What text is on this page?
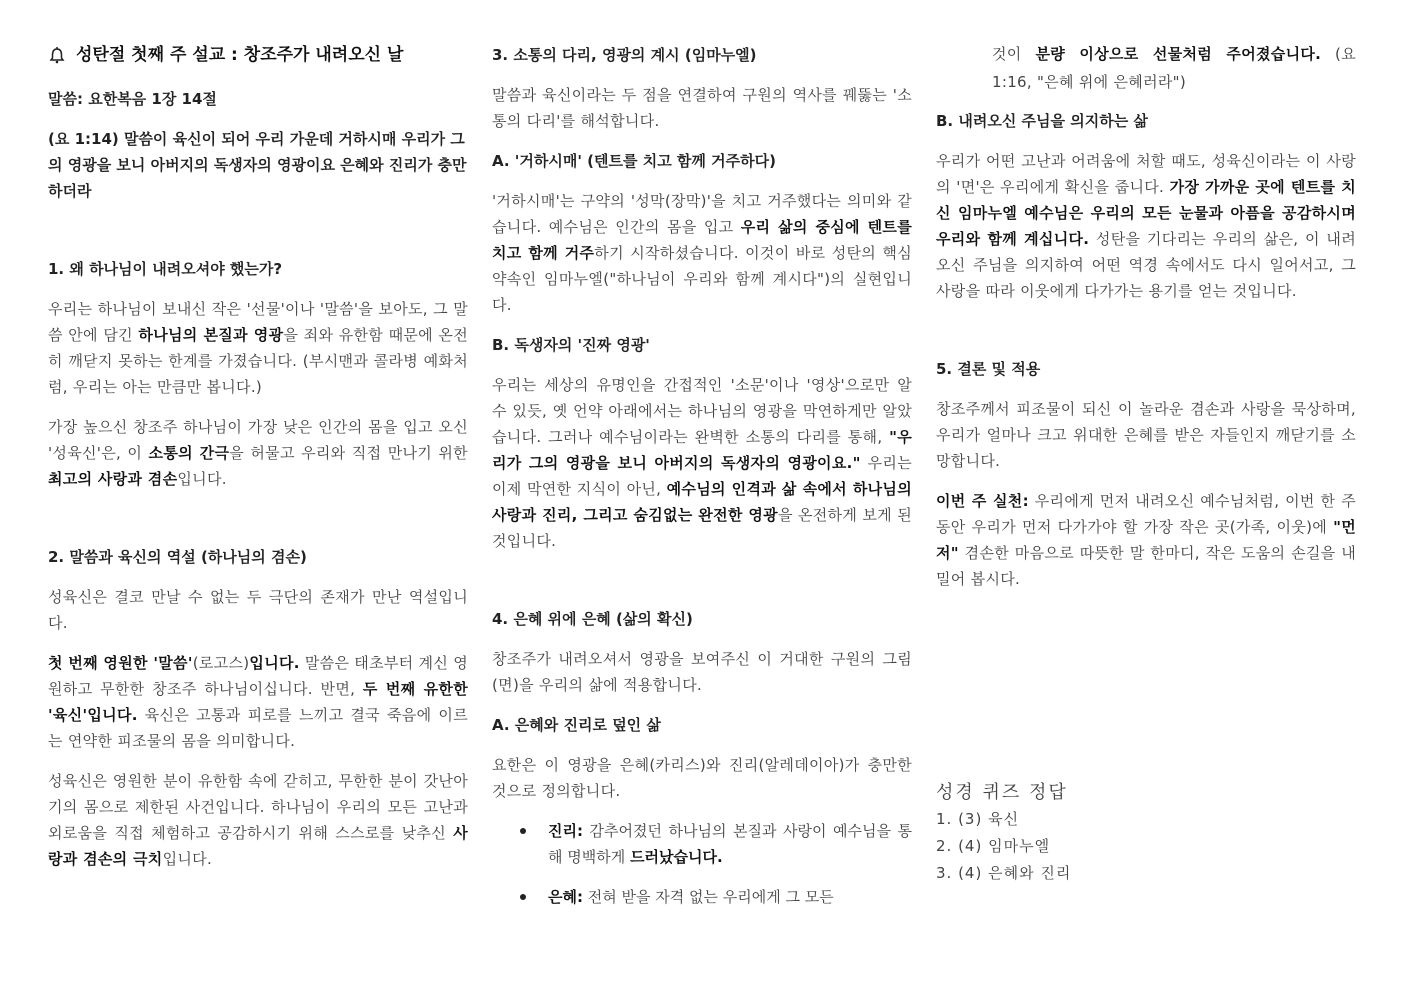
성탄절 첫째 주 설교 : 창조주가 내려오신 날

말씀: 요한복음 1장 14절

(요 1:14) 말씀이 육신이 되어 우리 가운데 거하시매 우리가 그의 영광을 보니 아버지의 독생자의 영광이요 은혜와 진리가 충만하더라

1. 왜 하나님이 내려오셔야 했는가?

우리는 하나님이 보내신 작은 '선물'이나 '말씀'을 보아도, 그 말씀 안에 담긴 하나님의 본질과 영광을 죄와 유한함 때문에 온전히 깨닫지 못하는 한계를 가졌습니다. (부시맨과 콜라병 예화처럼, 우리는 아는 만큼만 봅니다.)

가장 높으신 창조주 하나님이 가장 낮은 인간의 몸을 입고 오신 '성육신'은, 이 소통의 간극을 허물고 우리와 직접 만나기 위한 최고의 사랑과 겸손입니다.

2. 말씀과 육신의 역설 (하나님의 겸손)

성육신은 결코 만날 수 없는 두 극단의 존재가 만난 역설입니다.

첫 번째 영원한 '말씀'(로고스)입니다. 말씀은 태초부터 계신 영원하고 무한한 창조주 하나님이십니다. 반면, 두 번째 유한한 '육신'입니다. 육신은 고통과 피로를 느끼고 결국 죽음에 이르는 연약한 피조물의 몸을 의미합니다.

성육신은 영원한 분이 유한함 속에 갇히고, 무한한 분이 갓난아기의 몸으로 제한된 사건입니다. 하나님이 우리의 모든 고난과 외로움을 직접 체험하고 공감하시기 위해 스스로를 낮추신 사랑과 겸손의 극치입니다.

3. 소통의 다리, 영광의 계시 (임마누엘)

말씀과 육신이라는 두 점을 연결하여 구원의 역사를 꿰뚫는 '소통의 다리'를 해석합니다.

A. '거하시매' (텐트를 치고 함께 거주하다)

'거하시매'는 구약의 '성막(장막)'을 치고 거주했다는 의미와 같습니다. 예수님은 인간의 몸을 입고 우리 삶의 중심에 텐트를 치고 함께 거주하기 시작하셨습니다. 이것이 바로 성탄의 핵심 약속인 임마누엘("하나님이 우리와 함께 계시다")의 실현입니다.

B. 독생자의 '진짜 영광'

우리는 세상의 유명인을 간접적인 '소문'이나 '영상'으로만 알 수 있듯, 옛 언약 아래에서는 하나님의 영광을 막연하게만 알았습니다. 그러나 예수님이라는 완벽한 소통의 다리를 통해, "우리가 그의 영광을 보니 아버지의 독생자의 영광이요." 우리는 이제 막연한 지식이 아닌, 예수님의 인격과 삶 속에서 하나님의 사랑과 진리, 그리고 숨김없는 완전한 영광을 온전하게 보게 된 것입니다.

4. 은혜 위에 은혜 (삶의 확신)

창조주가 내려오셔서 영광을 보여주신 이 거대한 구원의 그림(면)을 우리의 삶에 적용합니다.

A. 은혜와 진리로 덮인 삶

요한은 이 영광을 은혜(카리스)와 진리(알레데이아)가 충만한 것으로 정의합니다.

진리: 감추어졌던 하나님의 본질과 사랑이 예수님을 통해 명백하게 드러났습니다.
은혜: 전혀 받을 자격 없는 우리에게 그 모든

것이 분량 이상으로 선물처럼 주어졌습니다. (요 1:16, "은혜 위에 은혜러라")

B. 내려오신 주님을 의지하는 삶

우리가 어떤 고난과 어려움에 처할 때도, 성육신이라는 이 사랑의 '면'은 우리에게 확신을 줍니다. 가장 가까운 곳에 텐트를 치신 임마누엘 예수님은 우리의 모든 눈물과 아픔을 공감하시며 우리와 함께 계십니다. 성탄을 기다리는 우리의 삶은, 이 내려오신 주님을 의지하여 어떤 역경 속에서도 다시 일어서고, 그 사랑을 따라 이웃에게 다가가는 용기를 얻는 것입니다.

5. 결론 및 적용

창조주께서 피조물이 되신 이 놀라운 겸손과 사랑을 묵상하며, 우리가 얼마나 크고 위대한 은혜를 받은 자들인지 깨닫기를 소망합니다.

이번 주 실천: 우리에게 먼저 내려오신 예수님처럼, 이번 한 주 동안 우리가 먼저 다가가야 할 가장 작은 곳(가족, 이웃)에 "먼저" 겸손한 마음으로 따뜻한 말 한마디, 작은 도움의 손길을 내밀어 봅시다.

성경 퀴즈 정답
1. (3) 육신
2. (4) 임마누엘
3. (4) 은혜와 진리
